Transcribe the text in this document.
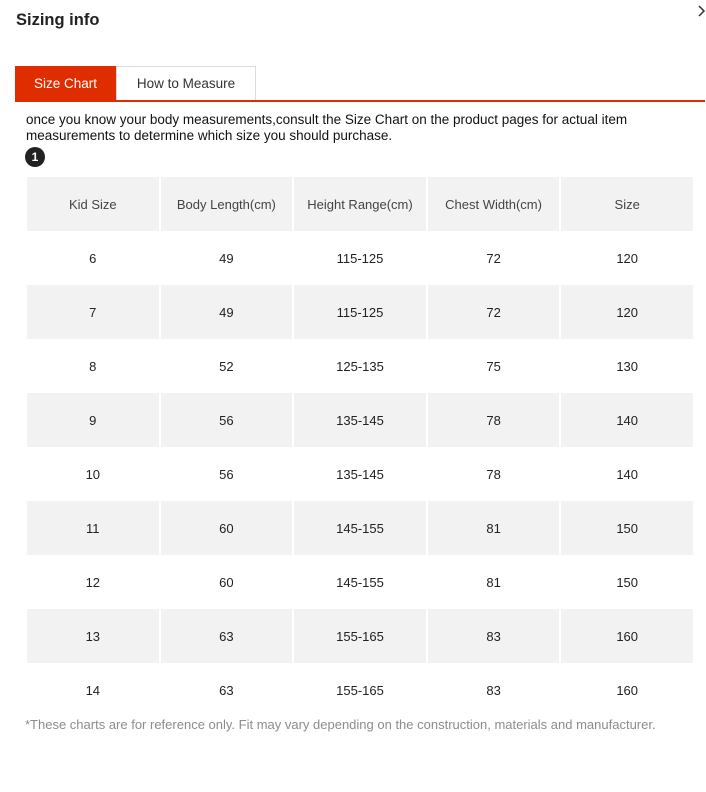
Sizing info
Size Chart	How to Measure
once you know your body measurements,consult the Size Chart on the product pages for actual item measurements to determine which size you should purchase.
1
Kid Size	Body Length(cm)	Height Range(cm)	Chest Width(cm)	Size
6	49	115-125	72	120
7	49	115-125	72	120
8	52	125-135	75	130
9	56	135-145	78	140
10	56	135-145	78	140
11	60	145-155	81	150
12	60	145-155	81	150
13	63	155-165	83	160
14	63	155-165	83	160
*These charts are for reference only. Fit may vary depending on the construction, materials and manufacturer.
